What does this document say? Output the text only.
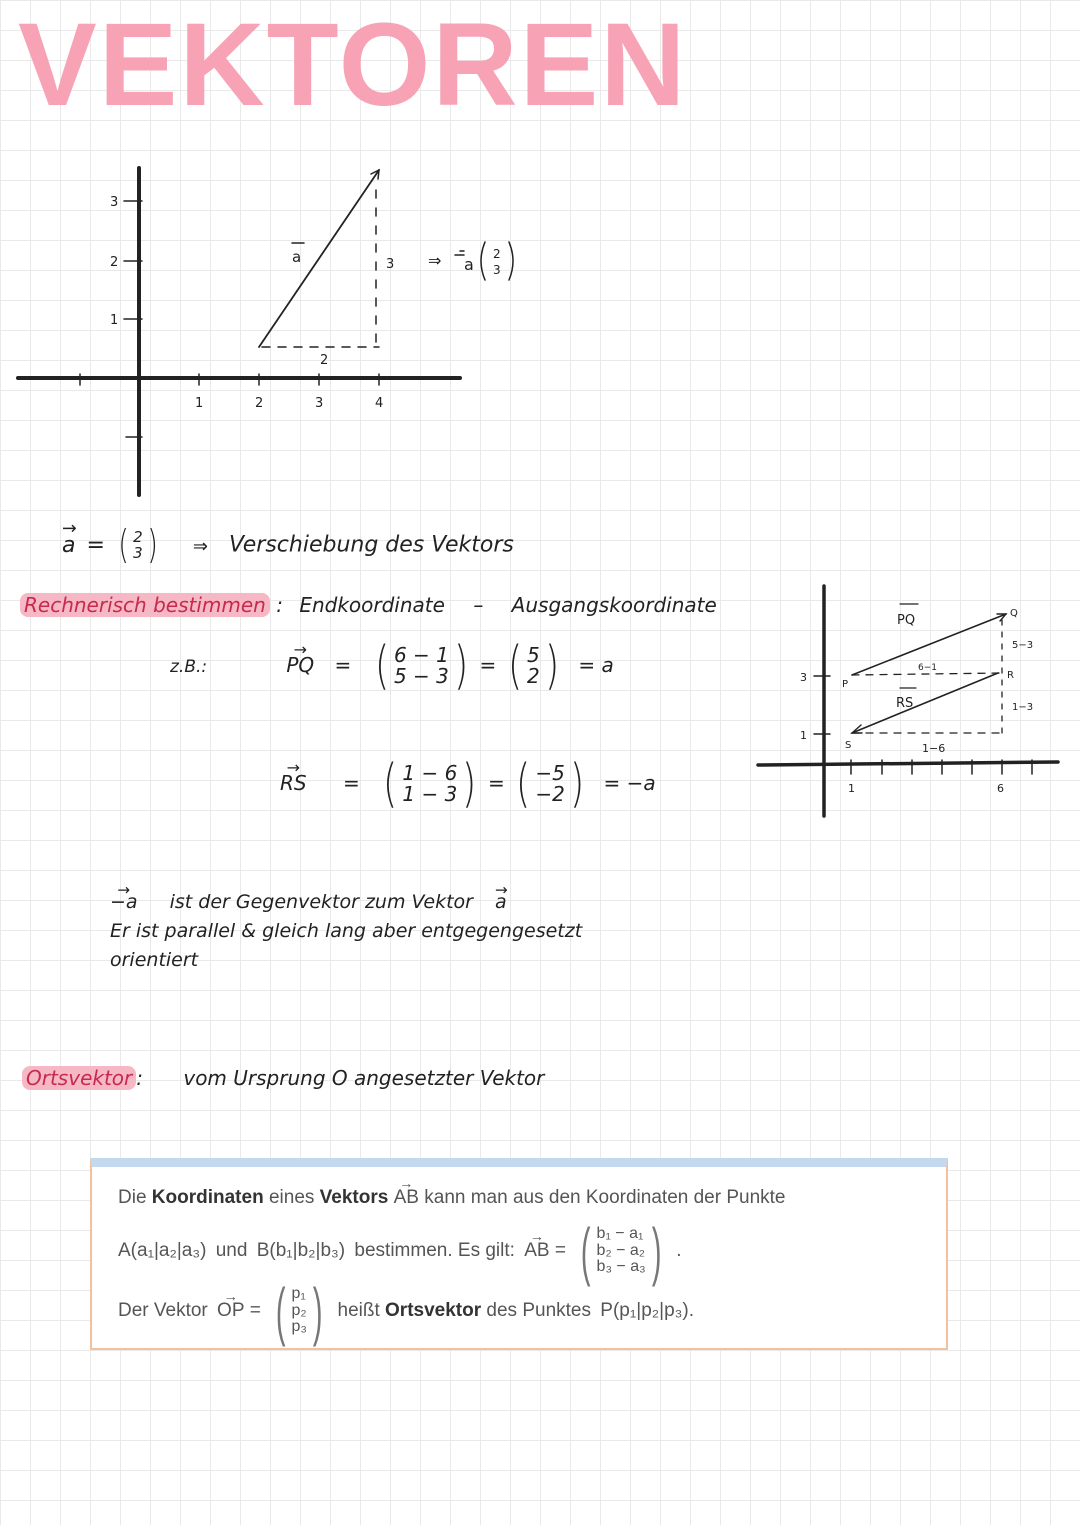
VEKTOREN
3
2
1
1	2	3	4
a
2
3 ⇒ a
2
3
→ a = ( 2
3 ) ⇒ Verschiebung des Vektors
Rechnerisch bestimmen : Endkoordinate – Ausgangskoordinate
z.B.:	→ PQ = ( 6 − 1
5 − 3 ) = ( 5
2 ) = a
→ RS = ( 1 − 6
1 − 3 ) = ( −5
−2 ) = −a
3
1
1	6
PQ
RS
P
Q
R
S
6−1
5−3
1−6
1−3
→ −a ist der Gegenvektor zum Vektor → a
Er ist parallel & gleich lang aber entgegengesetzt
orientiert
Ortsvektor : vom Ursprung O angesetzter Vektor
Die Koordinaten eines Vektors → AB kann man aus den Koordinaten der Punkte
A(a₁|a₂|a₃) und B(b₁|b₂|b₃) bestimmen. Es gilt: → AB = ( b₁ − a₁
b₂ − a₂
b₃ − a₃ ) .
Der Vektor → OP = ( p₁
p₂
p₃ ) heißt Ortsvektor des Punktes P(p₁|p₂|p₃).
